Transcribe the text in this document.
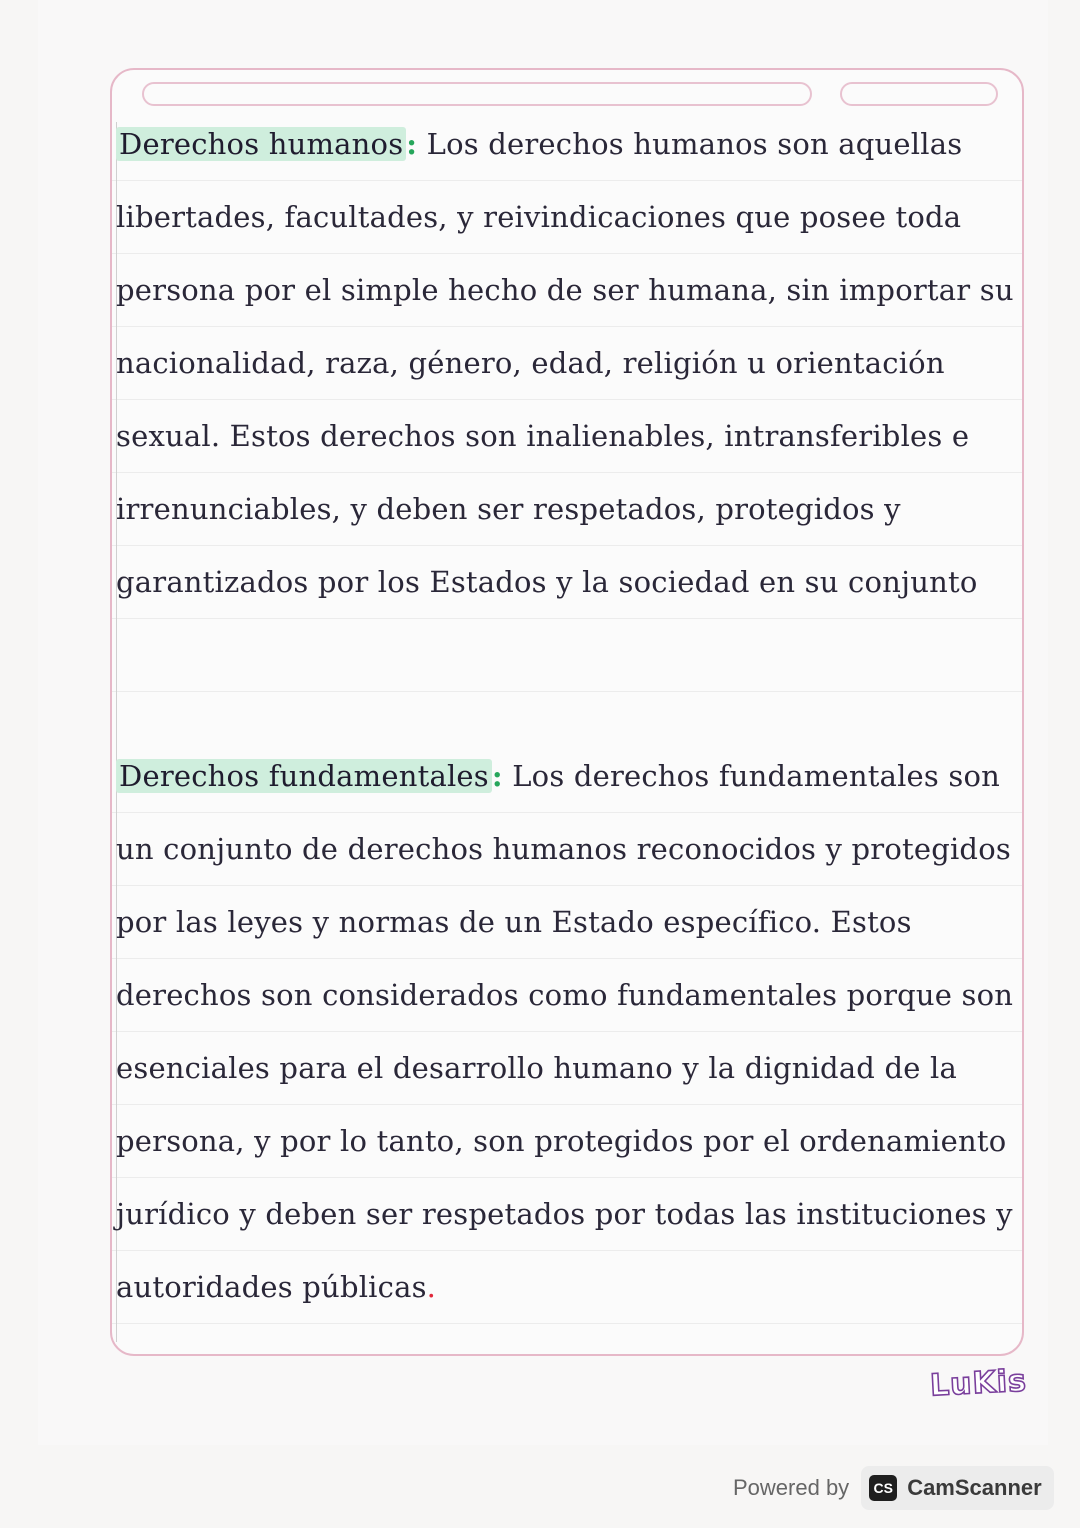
Derechos humanos : Los derechos humanos son aquellas libertades, facultades, y reivindicaciones que posee toda persona por el simple hecho de ser humana, sin importar su nacionalidad, raza, género, edad, religión u orientación sexual. Estos derechos son inalienables, intransferibles e irrenunciables, y deben ser respetados, protegidos y garantizados por los Estados y la sociedad en su conjunto

Derechos fundamentales : Los derechos fundamentales son un conjunto de derechos humanos reconocidos y protegidos por las leyes y normas de un Estado específico. Estos derechos son considerados como fundamentales porque son esenciales para el desarrollo humano y la dignidad de la persona, y por lo tanto, son protegidos por el ordenamiento jurídico y deben ser respetados por todas las instituciones y autoridades públicas.

LuKis
Powered by	CS CamScanner
